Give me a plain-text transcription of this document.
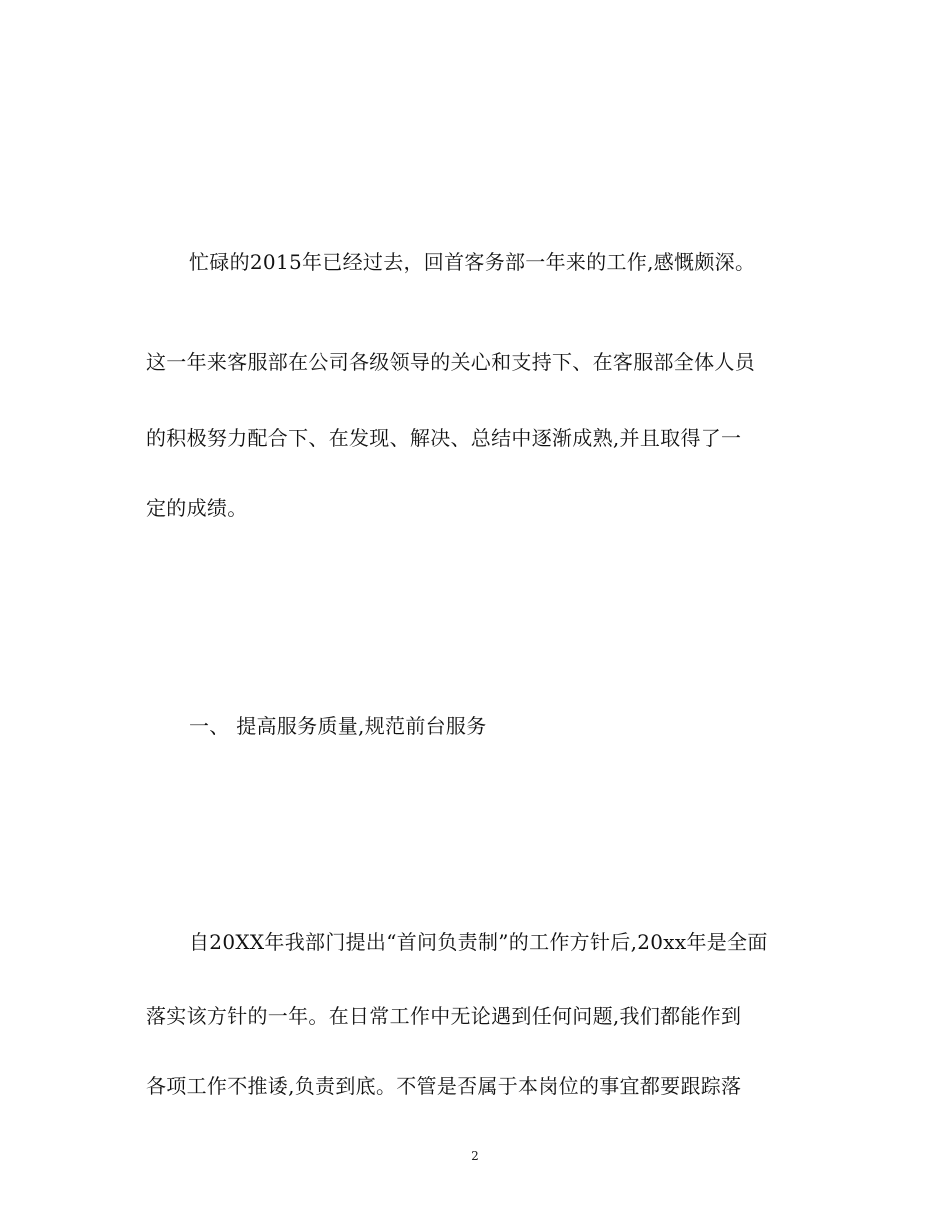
忙碌的2015年已经过去，回首客务部一年来的工作,感慨颇深。
这一年来客服部在公司各级领导的关心和支持下、在客服部全体人员
的积极努力配合下、在发现、解决、总结中逐渐成熟,并且取得了一
定的成绩。
一、 提高服务质量,规范前台服务
自20XX年我部门提出“首问负责制”的工作方针后,20xx年是全面
落实该方针的一年。在日常工作中无论遇到任何问题,我们都能作到
各项工作不推诿,负责到底。不管是否属于本岗位的事宜都要跟踪落
2
